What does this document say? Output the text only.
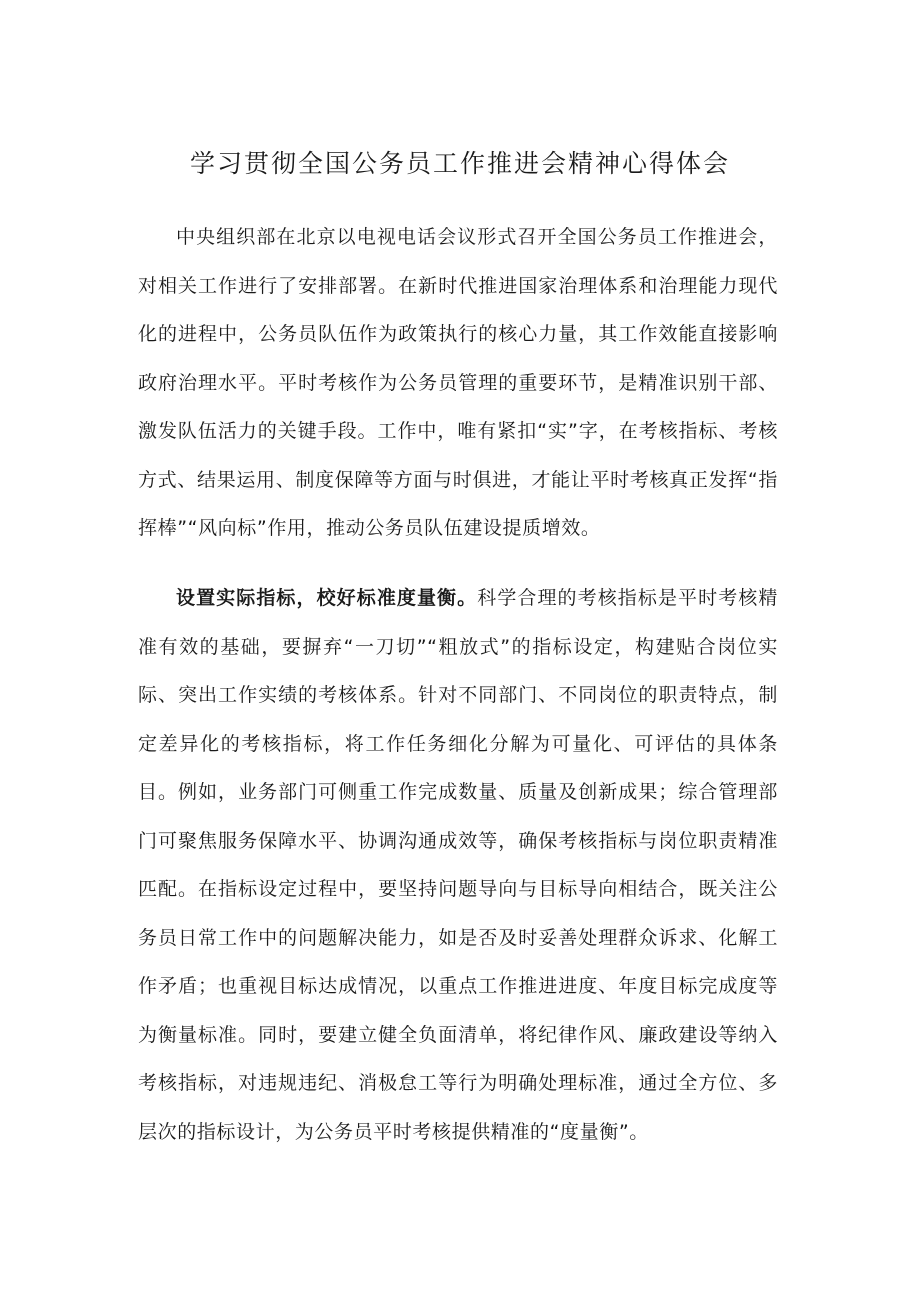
学习贯彻全国公务员工作推进会精神心得体会

中央组织部在北京以电视电话会议形式召开全国公务员工作推进会，对相关工作进行了安排部署。在新时代推进国家治理体系和治理能力现代化的进程中，公务员队伍作为政策执行的核心力量，其工作效能直接影响政府治理水平。平时考核作为公务员管理的重要环节，是精准识别干部、激发队伍活力的关键手段。工作中，唯有紧扣“实”字，在考核指标、考核方式、结果运用、制度保障等方面与时俱进，才能让平时考核真正发挥“指挥棒”“风向标”作用，推动公务员队伍建设提质增效。

设置实际指标，校好标准度量衡。科学合理的考核指标是平时考核精准有效的基础，要摒弃“一刀切”“粗放式”的指标设定，构建贴合岗位实际、突出工作实绩的考核体系。针对不同部门、不同岗位的职责特点，制定差异化的考核指标，将工作任务细化分解为可量化、可评估的具体条目。例如，业务部门可侧重工作完成数量、质量及创新成果；综合管理部门可聚焦服务保障水平、协调沟通成效等，确保考核指标与岗位职责精准匹配。在指标设定过程中，要坚持问题导向与目标导向相结合，既关注公务员日常工作中的问题解决能力，如是否及时妥善处理群众诉求、化解工作矛盾；也重视目标达成情况，以重点工作推进进度、年度目标完成度等为衡量标准。同时，要建立健全负面清单，将纪律作风、廉政建设等纳入考核指标，对违规违纪、消极怠工等行为明确处理标准，通过全方位、多层次的指标设计，为公务员平时考核提供精准的“度量衡”。
